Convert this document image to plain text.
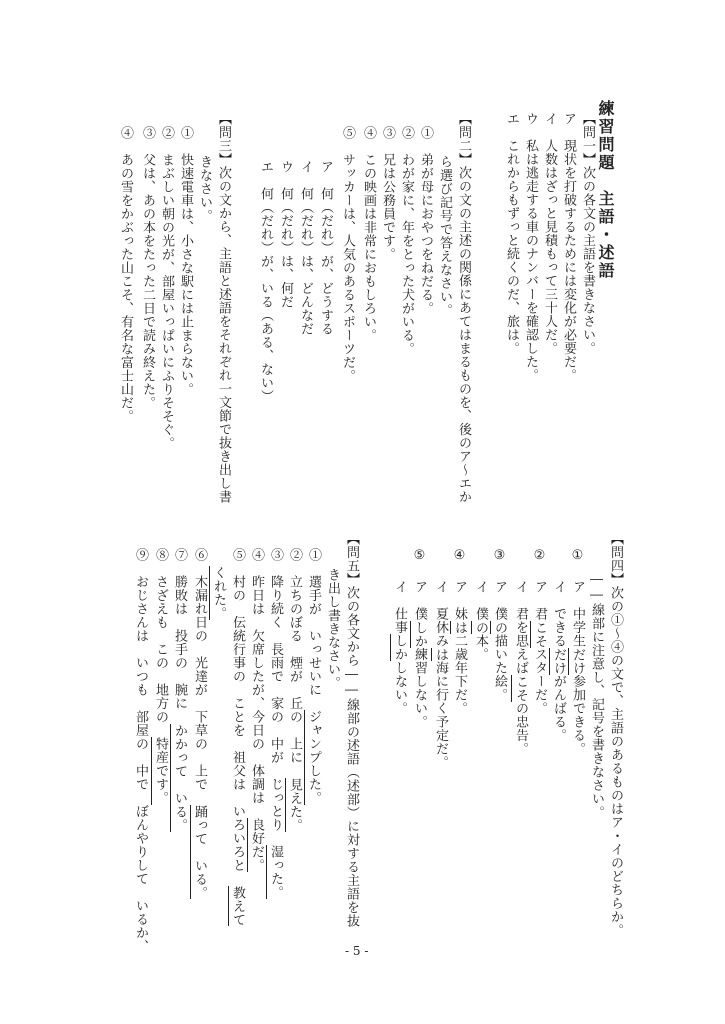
練習問題　主語・述語
【問一】次の各文の主語を書きなさい。
ア　現状を打破するためには変化が必要だ。
イ　人数はざっと見積もって三十人だ。
ウ　私は逃走する車のナンバーを確認した。
エ　これからもずっと続くのだ、旅は。
【問二】次の文の主述の関係にあてはまるものを、後のア～エか
ら選び記号で答えなさい。
①　弟が母におやつをねだる。
②　わが家に、年をとった犬がいる。
③　兄は公務員です。
④　この映画は非常におもしろい。
⑤　サッカーは、人気のあるスポーツだ。
ア　何（だれ）が、どうする
イ　何（だれ）は、どんなだ
ウ　何（だれ）は、何だ
エ　何（だれ）が、いる（ある、ない）
【問三】次の文から、主語と述語をそれぞれ一文節で抜き出し書
きなさい。
①　快速電車は、小さな駅には止まらない。
②　まぶしい朝の光が、部屋いっぱいにふりそそぐ。
③　父は、あの本をたった二日で読み終えた。
④　あの雪をかぶった山こそ、有名な富士山だ。
【問四】次の①～④の文で、主語のあるものはア・イのどちらか。
――線部に注意し、記号を書きなさい。
①
ア　中学生だけ参加できる。
イ　できるだけがんばる。
②
ア　君こそスターだ。
イ　君を思えばこその忠告。
③
ア　僕の描いた絵。
イ　僕の本。
④
ア　妹は二歳年下だ。
イ　夏休みは海に行く予定だ。
⑤
ア　僕しか練習しない。
イ　仕事しかしない。
【問五】次の各文から――線部の述語（述部）に対する主語を抜
き出し書きなさい。
①　選手が　いっせいに　ジャンプした。
②　立ちのぼる　煙が　丘の　上に　見えた。
③　降り続く　長雨で　家の　中が　じっとり　湿った。
④　昨日は　欠席したが、今日の　体調は　良好だ。
⑤　村の　伝統行事の　ことを　祖父は　いろいろと　教えて
くれた。
⑥　木漏れ日の　光達が　下草の　上で　踊って　いる。
⑦　勝敗は　投手の　腕に　かかって　いる。
⑧　さざえも　この　地方の　特産です。
⑨　おじさんは　いつも　部屋の　中で　ぼんやりして　いるか、	- 5 -
